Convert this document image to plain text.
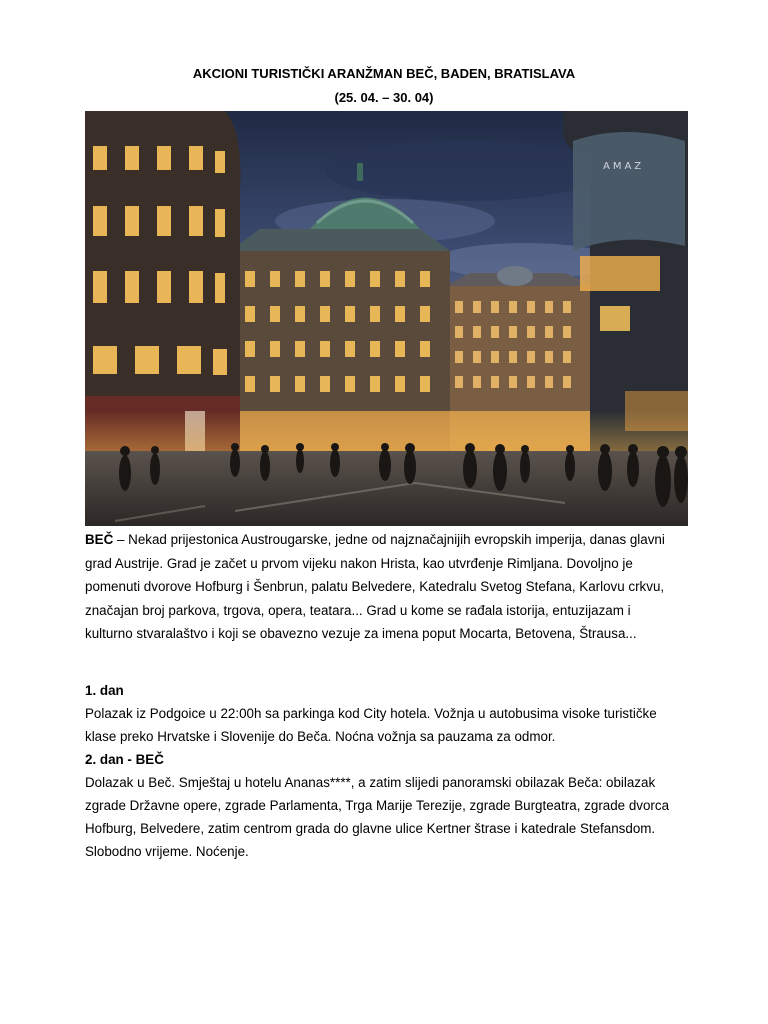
AKCIONI TURISTIČKI ARANŽMAN BEČ, BADEN, BRATISLAVA
(25. 04. – 30. 04)
AMAZ
BEČ – Nekad prijestonica Austrougarske, jedne od najznačajnijih evropskih imperija, danas glavni
grad Austrije. Grad je začet u prvom vijeku nakon Hrista, kao utvrđenje Rimljana. Dovoljno je
pomenuti dvorove Hofburg i Šenbrun, palatu Belvedere, Katedralu Svetog Stefana, Karlovu crkvu,
značajan broj parkova, trgova, opera, teatara... Grad u kome se rađala istorija, entuzijazam i
kulturno stvaralaštvo i koji se obavezno vezuje za imena poput Mocarta, Betovena, Štrausa...
1. dan
Polazak iz Podgoice u 22:00h sa parkinga kod City hotela. Vožnja u autobusima visoke turističke
klase preko Hrvatske i Slovenije do Beča. Noćna vožnja sa pauzama za odmor.
2. dan - BEČ
Dolazak u Beč. Smještaj u hotelu Ananas****, a zatim slijedi panoramski obilazak Beča: obilazak
zgrade Državne opere, zgrade Parlamenta, Trga Marije Terezije, zgrade Burgteatra, zgrade dvorca
Hofburg, Belvedere, zatim centrom grada do glavne ulice Kertner štrase i katedrale Stefansdom.
Slobodno vrijeme. Noćenje.
